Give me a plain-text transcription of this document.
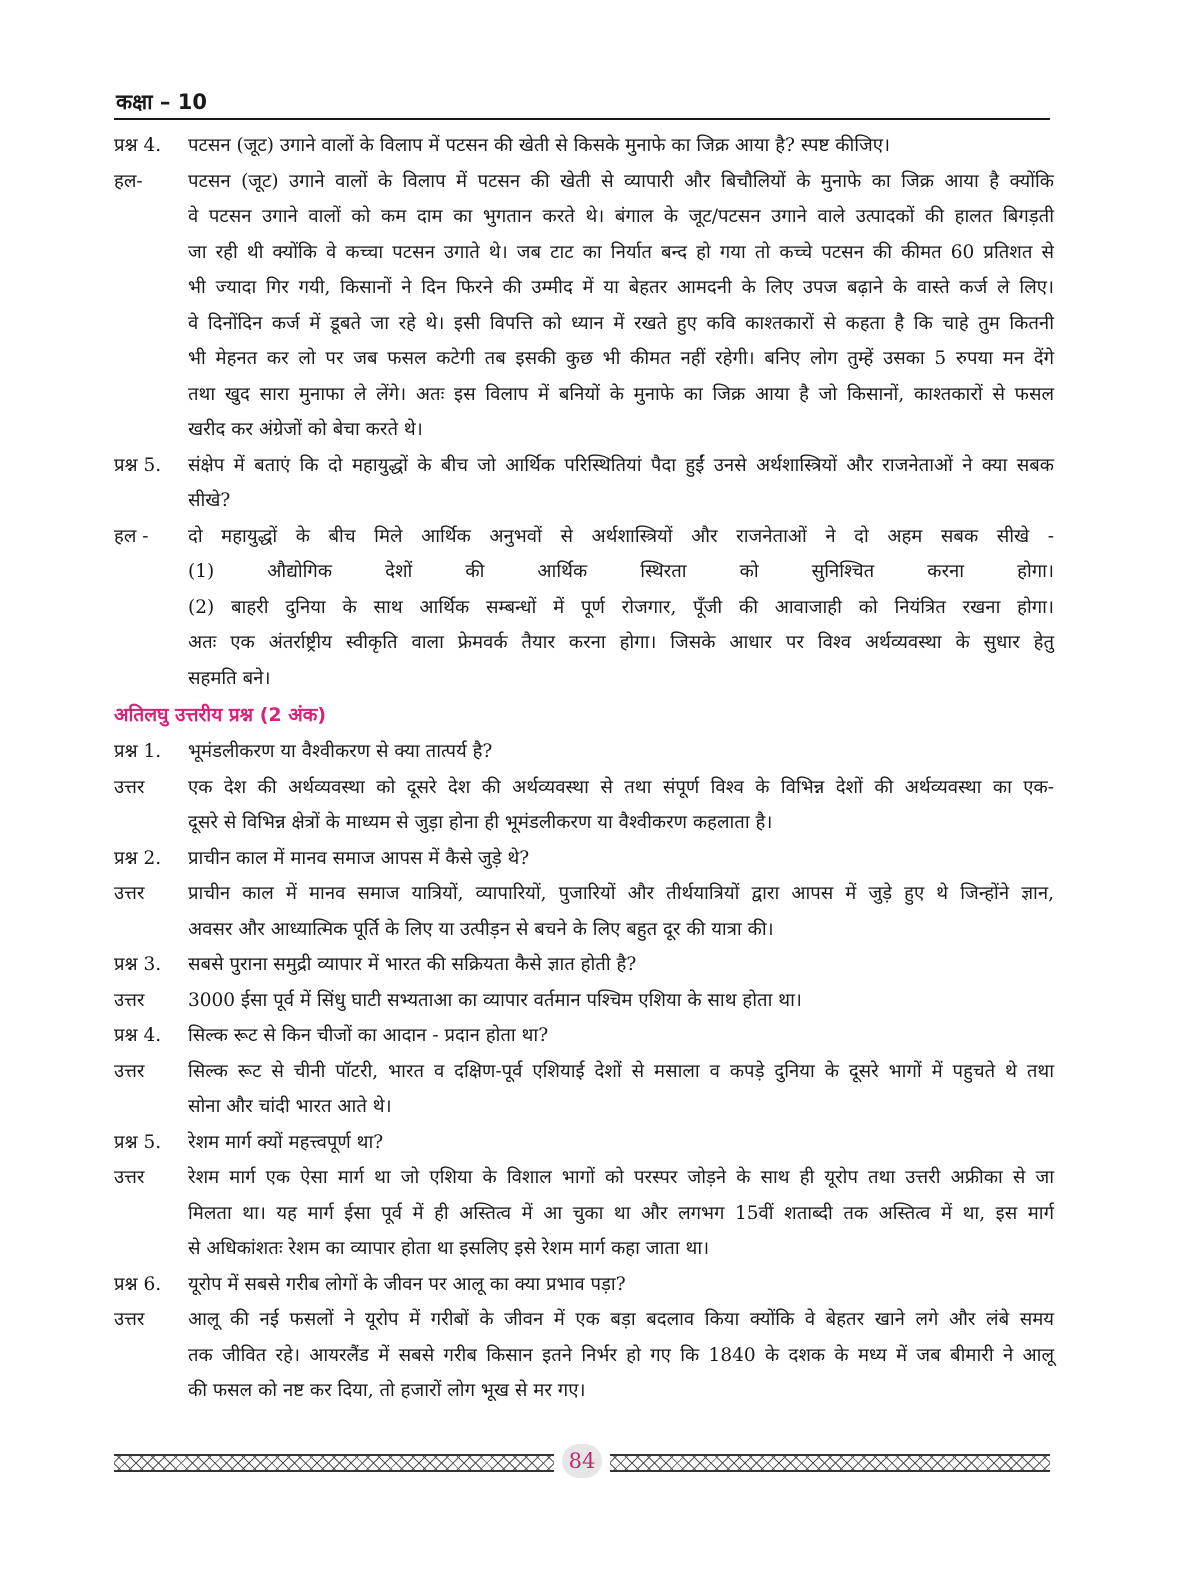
कक्षा – 10
प्रश्न 4.	पटसन (जूट) उगाने वालों के विलाप में पटसन की खेती से किसके मुनाफे का जिक्र आया है? स्पष्ट कीजिए।
हल-	पटसन (जूट) उगाने वालों के विलाप में पटसन की खेती से व्यापारी और बिचौलियों के मुनाफे का जिक्र आया है क्योंकि
वे पटसन उगाने वालों को कम दाम का भुगतान करते थे। बंगाल के जूट/पटसन उगाने वाले उत्पादकों की हालत बिगड़ती
जा रही थी क्योंकि वे कच्चा पटसन उगाते थे। जब टाट का निर्यात बन्द हो गया तो कच्चे पटसन की कीमत 60 प्रतिशत से
भी ज्यादा गिर गयी, किसानों ने दिन फिरने की उम्मीद में या बेहतर आमदनी के लिए उपज बढ़ाने के वास्ते कर्ज ले लिए।
वे दिनोंदिन कर्ज में डूबते जा रहे थे। इसी विपत्ति को ध्यान में रखते हुए कवि काश्तकारों से कहता है कि चाहे तुम कितनी
भी मेहनत कर लो पर जब फसल कटेगी तब इसकी कुछ भी कीमत नहीं रहेगी। बनिए लोग तुम्हें उसका 5 रुपया मन देंगे
तथा खुद सारा मुनाफा ले लेंगे। अतः इस विलाप में बनियों के मुनाफे का जिक्र आया है जो किसानों, काश्तकारों से फसल
खरीद कर अंग्रेजों को बेचा करते थे।
प्रश्न 5.	संक्षेप में बताएं कि दो महायुद्धों के बीच जो आर्थिक परिस्थितियां पैदा हुईं उनसे अर्थशास्त्रियों और राजनेताओं ने क्या सबक
सीखे?
हल -	दो महायुद्धों के बीच मिले आर्थिक अनुभवों से अर्थशास्त्रियों और राजनेताओं ने दो अहम सबक सीखे -
(1) औद्योगिक देशों की आर्थिक स्थिरता को सुनिश्चित करना होगा।
(2) बाहरी दुनिया के साथ आर्थिक सम्बन्धों में पूर्ण रोजगार, पूँजी की आवाजाही को नियंत्रित रखना होगा।
अतः एक अंतर्राष्ट्रीय स्वीकृति वाला फ्रेमवर्क तैयार करना होगा। जिसके आधार पर विश्व अर्थव्यवस्था के सुधार हेतु
सहमति बने।
अतिलघु उत्तरीय प्रश्न (2 अंक)
प्रश्न 1.	भूमंडलीकरण या वैश्वीकरण से क्या तात्पर्य है?
उत्तर	एक देश की अर्थव्यवस्था को दूसरे देश की अर्थव्यवस्था से तथा संपूर्ण विश्व के विभिन्न देशों की अर्थव्यवस्था का एक-
दूसरे से विभिन्न क्षेत्रों के माध्यम से जुड़ा होना ही भूमंडलीकरण या वैश्वीकरण कहलाता है।
प्रश्न 2.	प्राचीन काल में मानव समाज आपस में कैसे जुड़े थे?
उत्तर	प्राचीन काल में मानव समाज यात्रियों, व्यापारियों, पुजारियों और तीर्थयात्रियों द्वारा आपस में जुड़े हुए थे जिन्होंने ज्ञान,
अवसर और आध्यात्मिक पूर्ति के लिए या उत्पीड़न से बचने के लिए बहुत दूर की यात्रा की।
प्रश्न 3.	सबसे पुराना समुद्री व्यापार में भारत की सक्रियता कैसे ज्ञात होती है?
उत्तर	3000 ईसा पूर्व में सिंधु घाटी सभ्यताआ का व्यापार वर्तमान पश्चिम एशिया के साथ होता था।
प्रश्न 4.	सिल्क रूट से किन चीजों का आदान - प्रदान होता था?
उत्तर	सिल्क रूट से चीनी पॉटरी, भारत व दक्षिण-पूर्व एशियाई देशों से मसाला व कपड़े दुनिया के दूसरे भागों में पहुचते थे तथा
सोना और चांदी भारत आते थे।
प्रश्न 5.	रेशम मार्ग क्यों महत्त्वपूर्ण था?
उत्तर	रेशम मार्ग एक ऐसा मार्ग था जो एशिया के विशाल भागों को परस्पर जोड़ने के साथ ही यूरोप तथा उत्तरी अफ्रीका से जा
मिलता था। यह मार्ग ईसा पूर्व में ही अस्तित्व में आ चुका था और लगभग 15वीं शताब्दी तक अस्तित्व में था, इस मार्ग
से अधिकांशतः रेशम का व्यापार होता था इसलिए इसे रेशम मार्ग कहा जाता था।
प्रश्न 6.	यूरोप में सबसे गरीब लोगों के जीवन पर आलू का क्या प्रभाव पड़ा?
उत्तर	आलू की नई फसलों ने यूरोप में गरीबों के जीवन में एक बड़ा बदलाव किया क्योंकि वे बेहतर खाने लगे और लंबे समय
तक जीवित रहे। आयरलैंड में सबसे गरीब किसान इतने निर्भर हो गए कि 1840 के दशक के मध्य में जब बीमारी ने आलू
की फसल को नष्ट कर दिया, तो हजारों लोग भूख से मर गए।
84
